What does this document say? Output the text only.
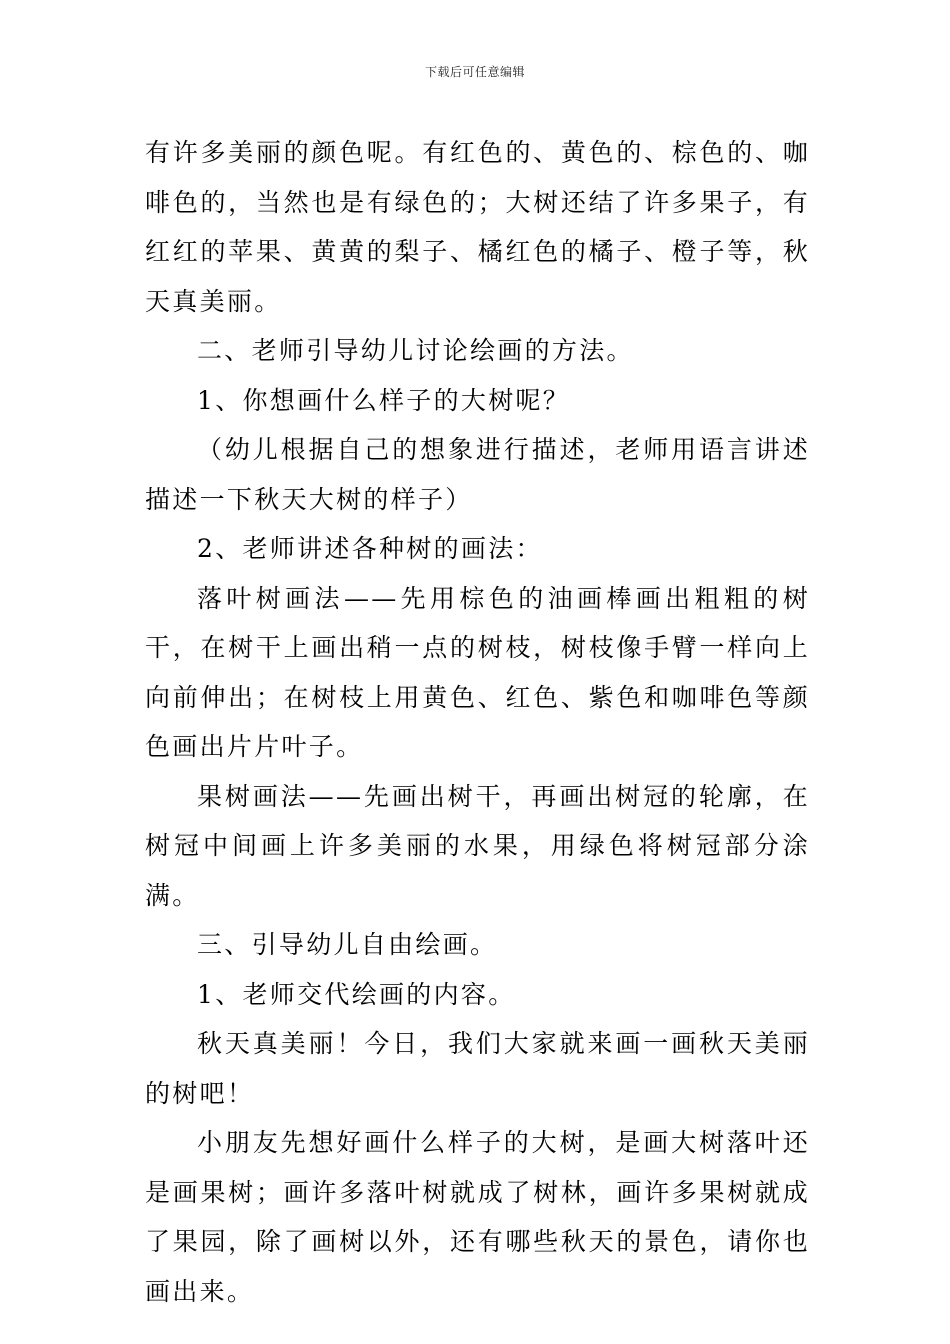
下载后可任意编辑

有许多美丽的颜色呢。有红色的、黄色的、棕色的、咖啡色的，当然也是有绿色的；大树还结了许多果子，有红红的苹果、黄黄的梨子、橘红色的橘子、橙子等，秋天真美丽。

二、老师引导幼儿讨论绘画的方法。

1、你想画什么样子的大树呢？

（幼儿根据自己的想象进行描述，老师用语言讲述描述一下秋天大树的样子）

2、老师讲述各种树的画法：

落叶树画法——先用棕色的油画棒画出粗粗的树干，在树干上画出稍一点的树枝，树枝像手臂一样向上向前伸出；在树枝上用黄色、红色、紫色和咖啡色等颜色画出片片叶子。

果树画法——先画出树干，再画出树冠的轮廓，在树冠中间画上许多美丽的水果，用绿色将树冠部分涂满。

三、引导幼儿自由绘画。

1、老师交代绘画的内容。

秋天真美丽！今日，我们大家就来画一画秋天美丽的树吧！

小朋友先想好画什么样子的大树，是画大树落叶还是画果树；画许多落叶树就成了树林，画许多果树就成了果园，除了画树以外，还有哪些秋天的景色，请你也画出来。
